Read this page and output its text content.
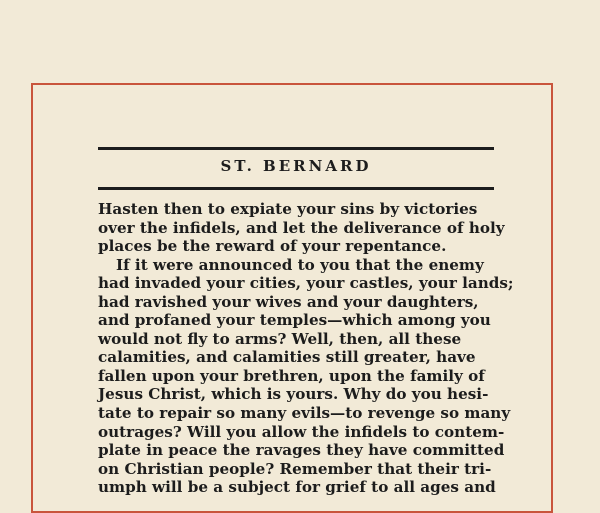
ST. BERNARD
Hasten then to expiate your sins by victories
over the infidels, and let the deliverance of holy
places be the reward of your repentance.
If it were announced to you that the enemy
had invaded your cities, your castles, your lands;
had ravished your wives and your daughters,
and profaned your temples—which among you
would not fly to arms? Well, then, all these
calamities, and calamities still greater, have
fallen upon your brethren, upon the family of
Jesus Christ, which is yours. Why do you hesi-
tate to repair so many evils—to revenge so many
outrages? Will you allow the infidels to contem-
plate in peace the ravages they have committed
on Christian people? Remember that their tri-
umph will be a subject for grief to all ages and
